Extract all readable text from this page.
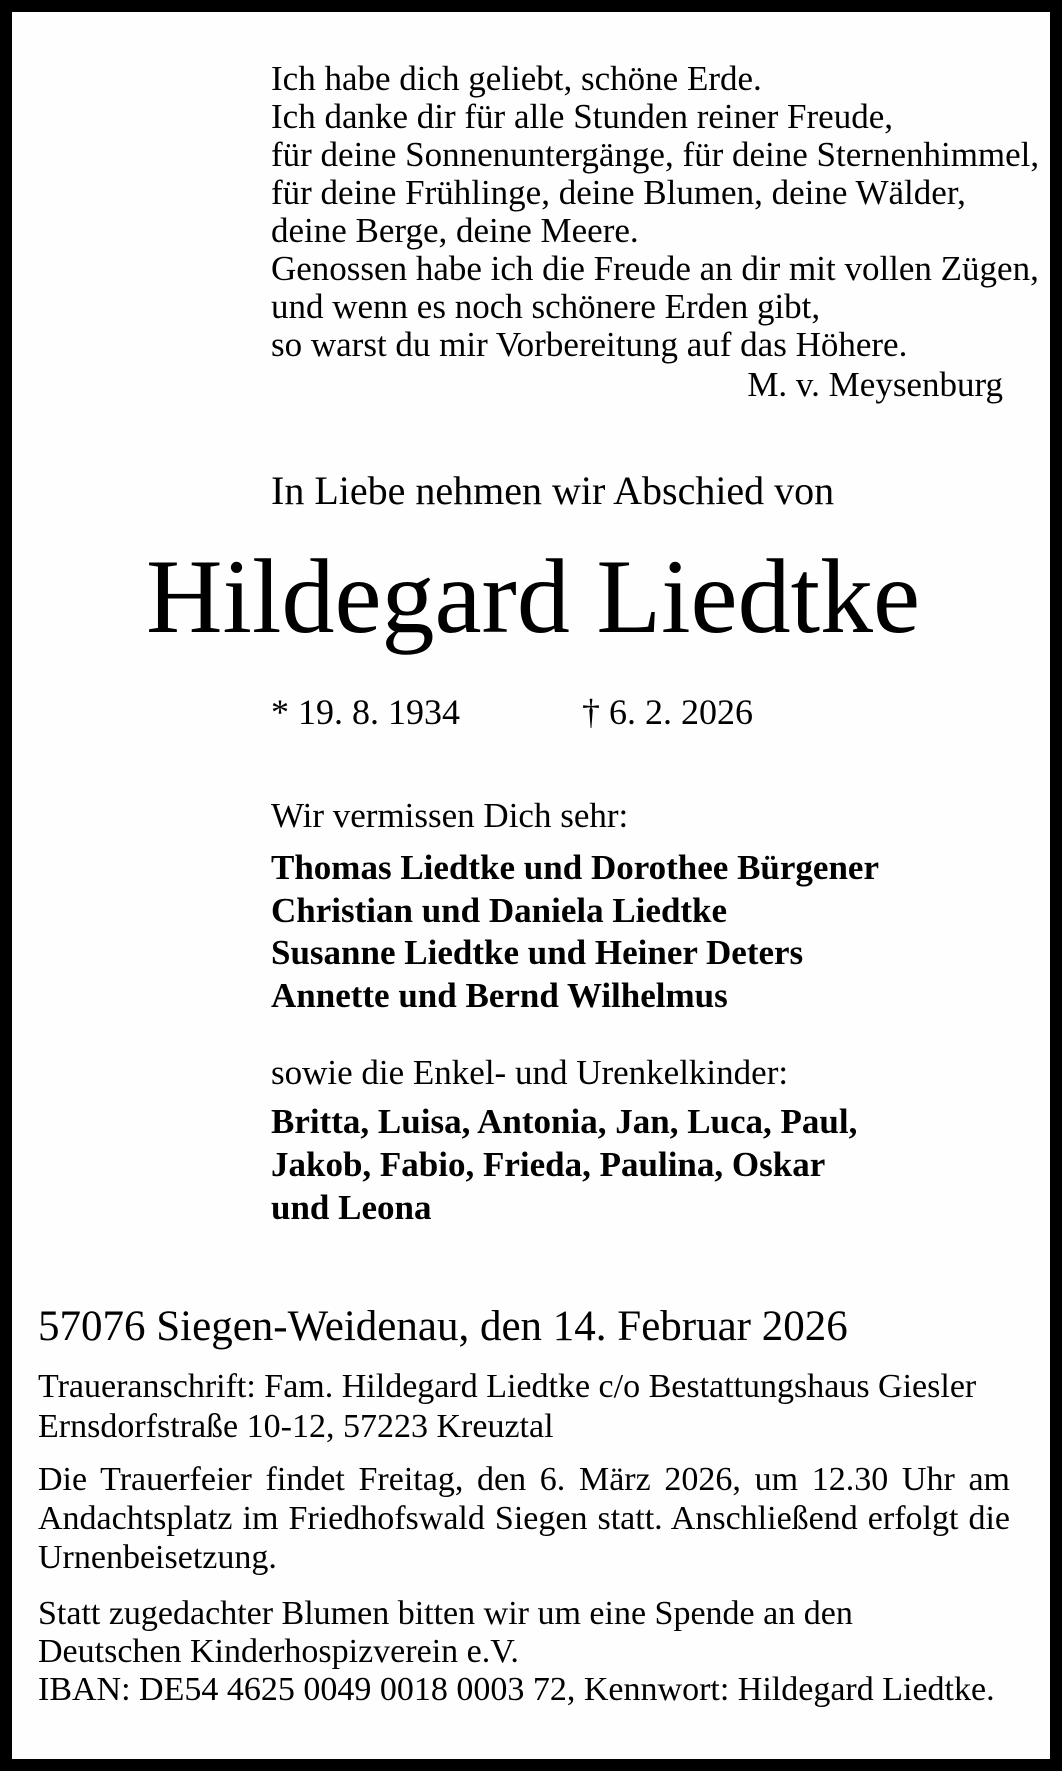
Ich habe dich geliebt, schöne Erde.
Ich danke dir für alle Stunden reiner Freude,
für deine Sonnenuntergänge, für deine Sternenhimmel,
für deine Frühlinge, deine Blumen, deine Wälder,
deine Berge, deine Meere.
Genossen habe ich die Freude an dir mit vollen Zügen,
und wenn es noch schönere Erden gibt,
so warst du mir Vorbereitung auf das Höhere.
M. v. Meysenburg
In Liebe nehmen wir Abschied von
Hildegard Liedtke
* 19. 8. 1934	† 6. 2. 2026
Wir vermissen Dich sehr:
Thomas Liedtke und Dorothee Bürgener
Christian und Daniela Liedtke
Susanne Liedtke und Heiner Deters
Annette und Bernd Wilhelmus
sowie die Enkel- und Urenkelkinder:
Britta, Luisa, Antonia, Jan, Luca, Paul,
Jakob, Fabio, Frieda, Paulina, Oskar
und Leona
57076 Siegen-Weidenau, den 14. Februar 2026
Traueranschrift: Fam. Hildegard Liedtke c/o Bestattungshaus Giesler
Ernsdorfstraße 10-12, 57223 Kreuztal
Die Trauerfeier findet Freitag, den 6. März 2026, um 12.30 Uhr am
Andachtsplatz im Friedhofswald Siegen statt. Anschließend erfolgt die
Urnenbeisetzung.
Statt zugedachter Blumen bitten wir um eine Spende an den
Deutschen Kinderhospizverein e.V.
IBAN: DE54 4625 0049 0018 0003 72, Kennwort: Hildegard Liedtke.
